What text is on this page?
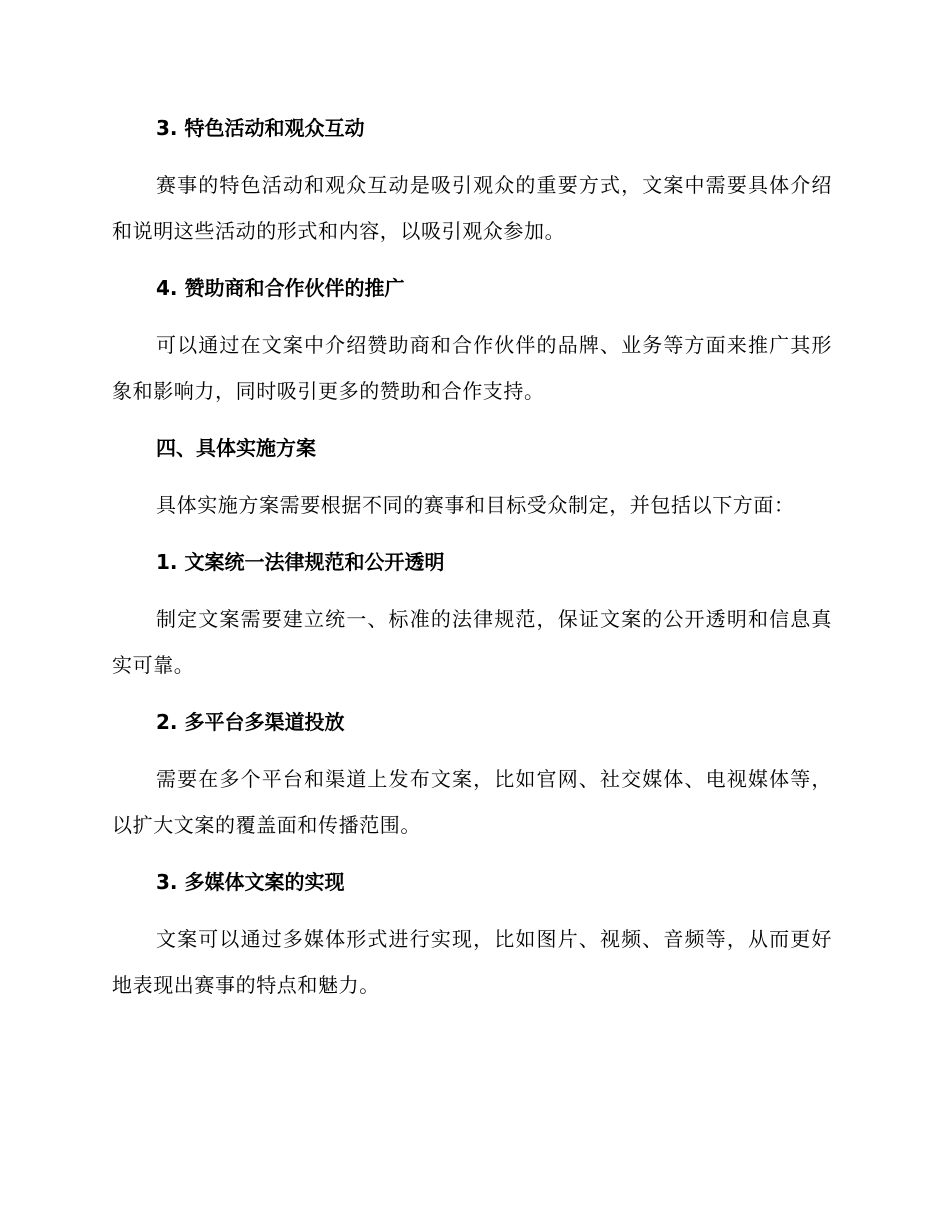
3. 特色活动和观众互动

赛事的特色活动和观众互动是吸引观众的重要方式，文案中需要具体介绍和说明这些活动的形式和内容，以吸引观众参加。

4. 赞助商和合作伙伴的推广

可以通过在文案中介绍赞助商和合作伙伴的品牌、业务等方面来推广其形象和影响力，同时吸引更多的赞助和合作支持。

四、具体实施方案

具体实施方案需要根据不同的赛事和目标受众制定，并包括以下方面：

1. 文案统一法律规范和公开透明

制定文案需要建立统一、标准的法律规范，保证文案的公开透明和信息真实可靠。

2. 多平台多渠道投放

需要在多个平台和渠道上发布文案，比如官网、社交媒体、电视媒体等，以扩大文案的覆盖面和传播范围。

3. 多媒体文案的实现

文案可以通过多媒体形式进行实现，比如图片、视频、音频等，从而更好地表现出赛事的特点和魅力。
